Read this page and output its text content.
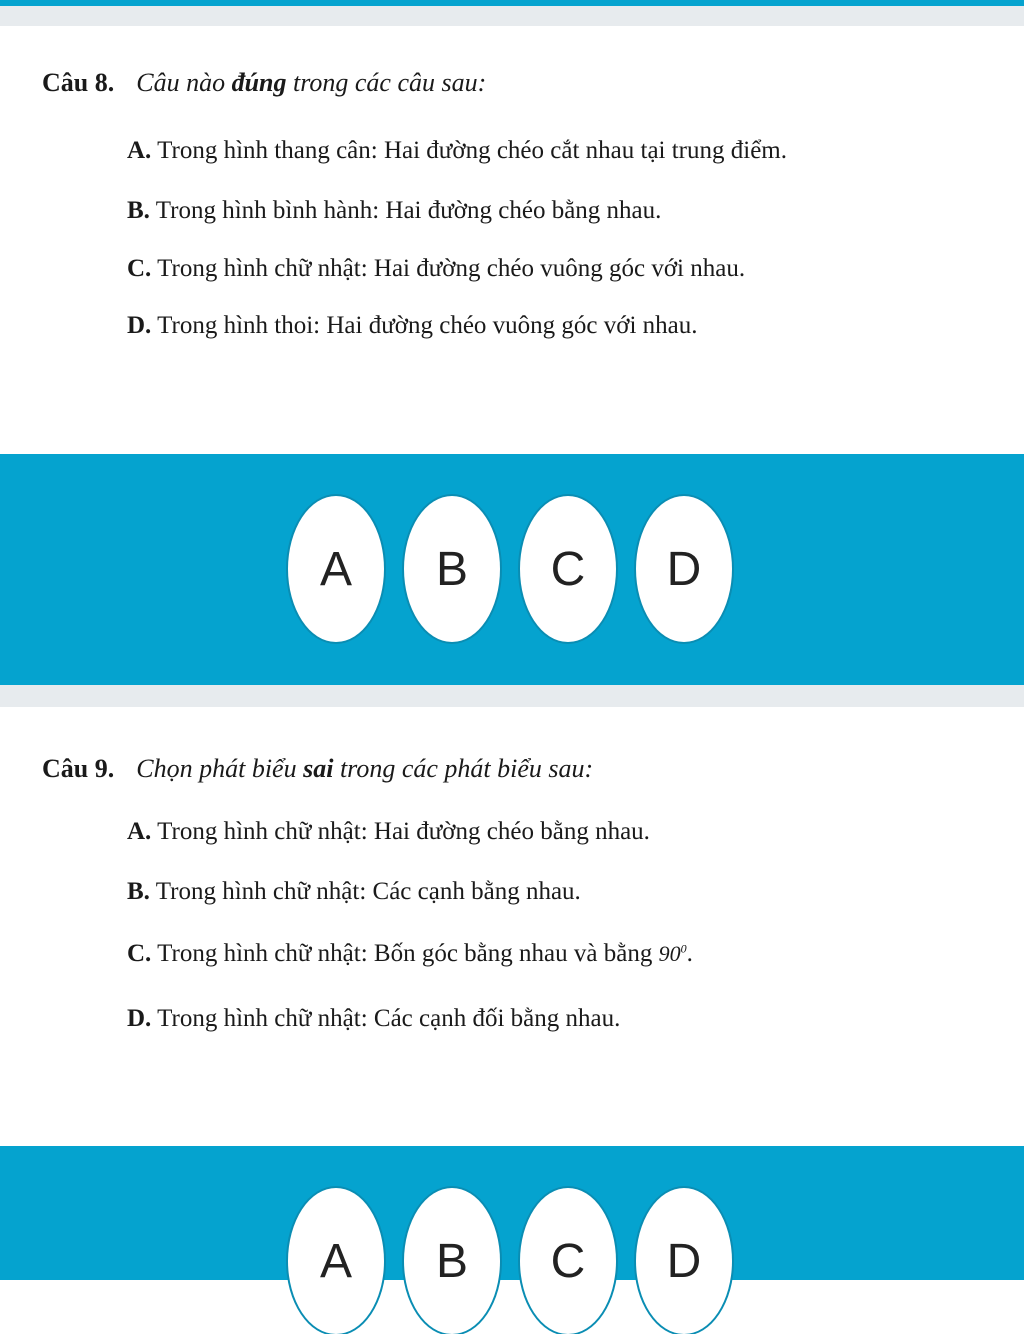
Câu 8. Câu nào đúng trong các câu sau:
A. Trong hình thang cân: Hai đường chéo cắt nhau tại trung điểm.
B. Trong hình bình hành: Hai đường chéo bằng nhau.
C. Trong hình chữ nhật: Hai đường chéo vuông góc với nhau.
D. Trong hình thoi: Hai đường chéo vuông góc với nhau.
A	B	C	D
Câu 9. Chọn phát biểu sai trong các phát biểu sau:
A. Trong hình chữ nhật: Hai đường chéo bằng nhau.
B. Trong hình chữ nhật: Các cạnh bằng nhau.
C. Trong hình chữ nhật: Bốn góc bằng nhau và bằng $90^0$.
D. Trong hình chữ nhật: Các cạnh đối bằng nhau.
A	B	C	D
